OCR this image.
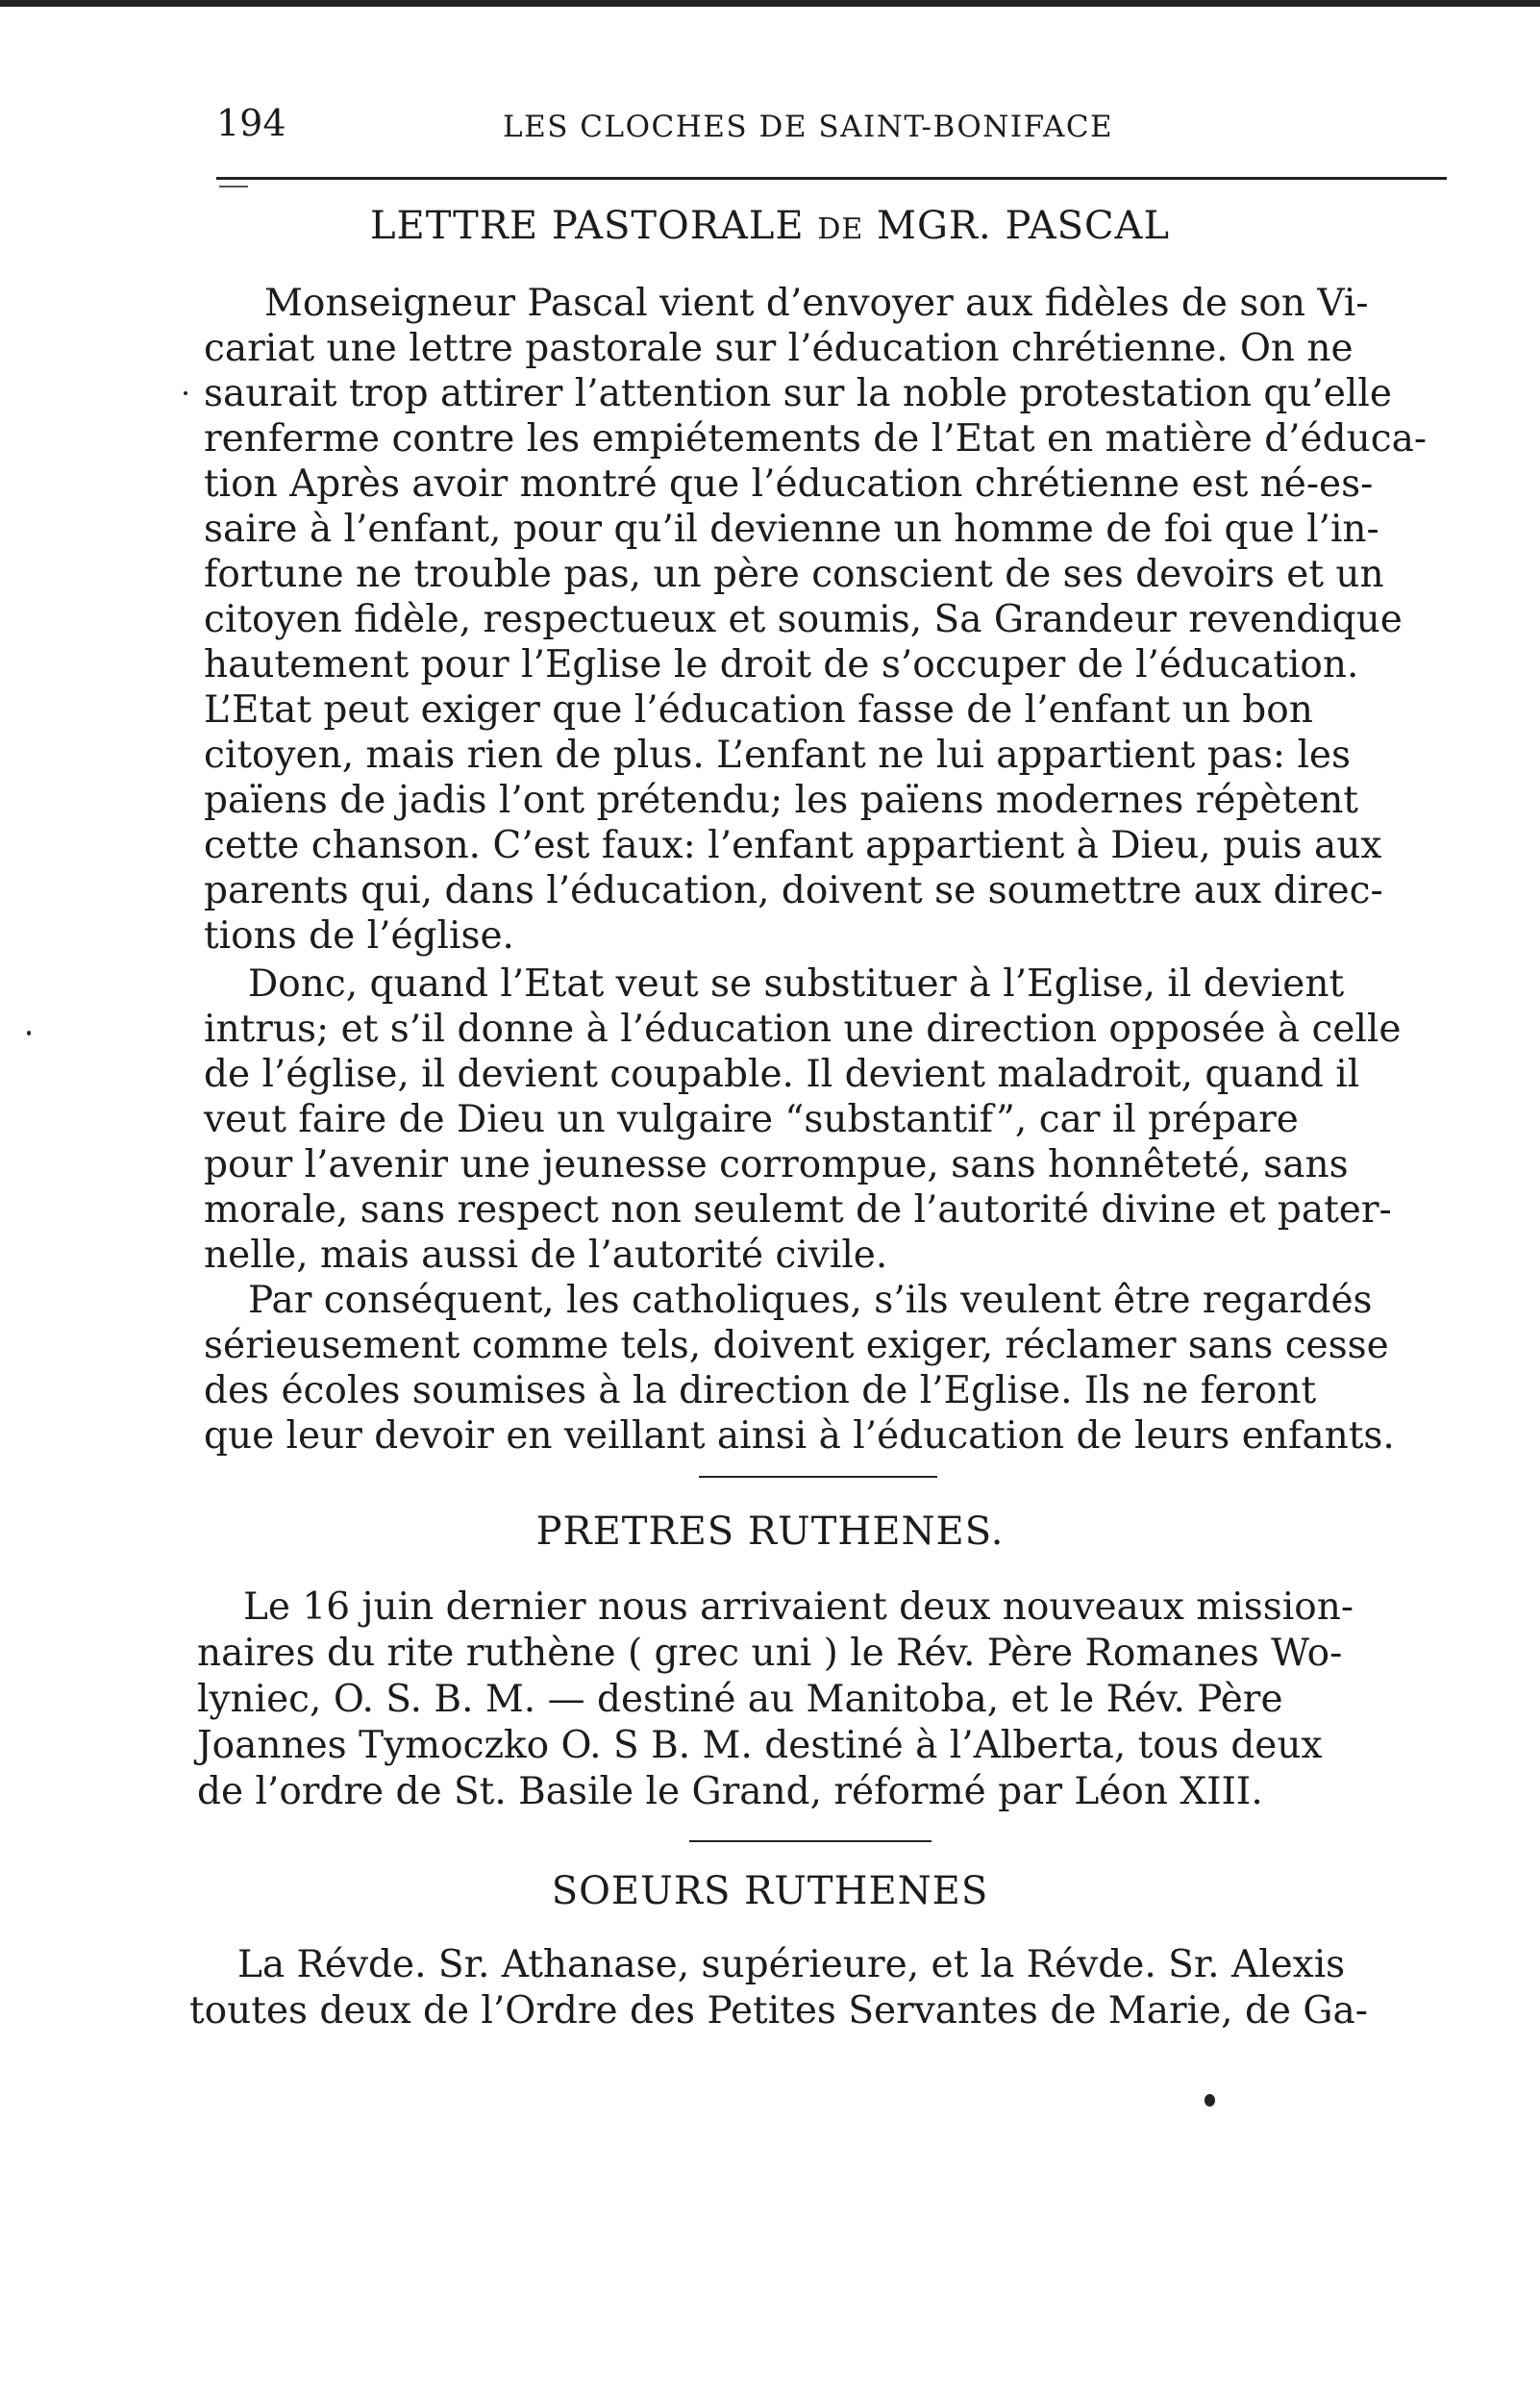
194	LES CLOCHES DE SAINT-BONIFACE
LETTRE PASTORALE DE MGR. PASCAL
Monseigneur Pascal vient d’envoyer aux fidèles de son Vi-
cariat une lettre pastorale sur l’éducation chrétienne. On ne
saurait trop attirer l’attention sur la noble protestation qu’elle
renferme contre les empiétements de l’Etat en matière d’éduca-
tion Après avoir montré que l’éducation chrétienne est né-es-
saire à l’enfant, pour qu’il devienne un homme de foi que l’in-
fortune ne trouble pas, un père conscient de ses devoirs et un
citoyen fidèle, respectueux et soumis, Sa Grandeur revendique
hautement pour l’Eglise le droit de s’occuper de l’éducation.
L’Etat peut exiger que l’éducation fasse de l’enfant un bon
citoyen, mais rien de plus. L’enfant ne lui appartient pas: les
païens de jadis l’ont prétendu; les païens modernes répètent
cette chanson. C’est faux: l’enfant appartient à Dieu, puis aux
parents qui, dans l’éducation, doivent se soumettre aux direc-
tions de l’église.
Donc, quand l’Etat veut se substituer à l’Eglise, il devient
intrus; et s’il donne à l’éducation une direction opposée à celle
de l’église, il devient coupable. Il devient maladroit, quand il
veut faire de Dieu un vulgaire “substantif”, car il prépare
pour l’avenir une jeunesse corrompue, sans honnêteté, sans
morale, sans respect non seulemt de l’autorité divine et pater-
nelle, mais aussi de l’autorité civile.
Par conséquent, les catholiques, s’ils veulent être regardés
sérieusement comme tels, doivent exiger, réclamer sans cesse
des écoles soumises à la direction de l’Eglise. Ils ne feront
que leur devoir en veillant ainsi à l’éducation de leurs enfants.
PRETRES RUTHENES.
Le 16 juin dernier nous arrivaient deux nouveaux mission-
naires du rite ruthène ( grec uni ) le Rév. Père Romanes Wo-
lyniec, O. S. B. M. — destiné au Manitoba, et le Rév. Père
Joannes Tymoczko O. S B. M. destiné à l’Alberta, tous deux
de l’ordre de St. Basile le Grand, réformé par Léon XIII.
SOEURS RUTHENES
La Révde. Sr. Athanase, supérieure, et la Révde. Sr. Alexis
toutes deux de l’Ordre des Petites Servantes de Marie, de Ga-
